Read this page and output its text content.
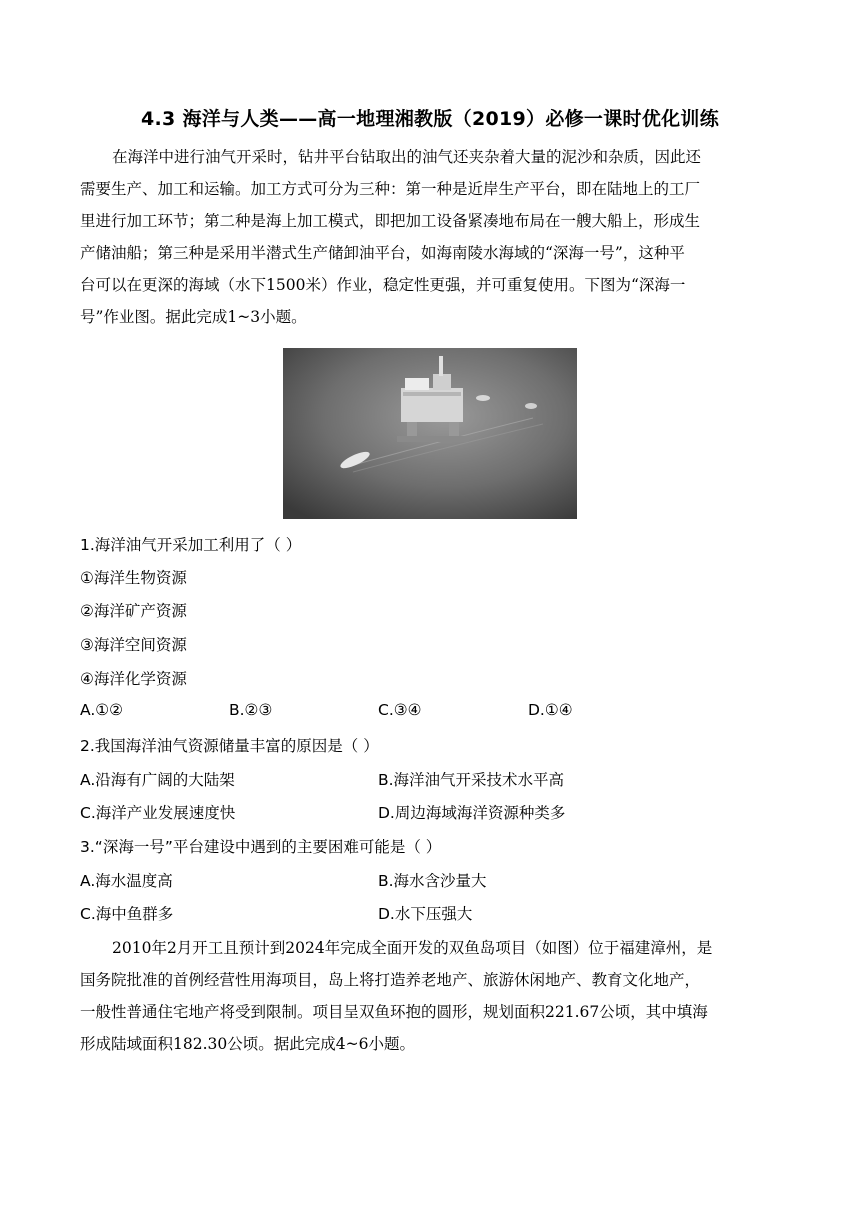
4.3 海洋与人类——高一地理湘教版（2019）必修一课时优化训练
在海洋中进行油气开采时，钻井平台钻取出的油气还夹杂着大量的泥沙和杂质，因此还
需要生产、加工和运输。加工方式可分为三种：第一种是近岸生产平台，即在陆地上的工厂
里进行加工环节；第二种是海上加工模式，即把加工设备紧凑地布局在一艘大船上，形成生
产储油船；第三种是采用半潜式生产储卸油平台，如海南陵水海域的“深海一号”，这种平
台可以在更深的海域（水下1500米）作业，稳定性更强，并可重复使用。下图为“深海一
号”作业图。据此完成1~3小题。
1.海洋油气开采加工利用了（ ）
①海洋生物资源
②海洋矿产资源
③海洋空间资源
④海洋化学资源
A.①②	B.②③	C.③④	D.①④
2.我国海洋油气资源储量丰富的原因是（ ）
A.沿海有广阔的大陆架	B.海洋油气开采技术水平高
C.海洋产业发展速度快	D.周边海域海洋资源种类多
3.“深海一号”平台建设中遇到的主要困难可能是（ ）
A.海水温度高	B.海水含沙量大
C.海中鱼群多	D.水下压强大
2010年2月开工且预计到2024年完成全面开发的双鱼岛项目（如图）位于福建漳州，是
国务院批准的首例经营性用海项目，岛上将打造养老地产、旅游休闲地产、教育文化地产，
一般性普通住宅地产将受到限制。项目呈双鱼环抱的圆形，规划面积221.67公顷，其中填海
形成陆域面积182.30公顷。据此完成4~6小题。
